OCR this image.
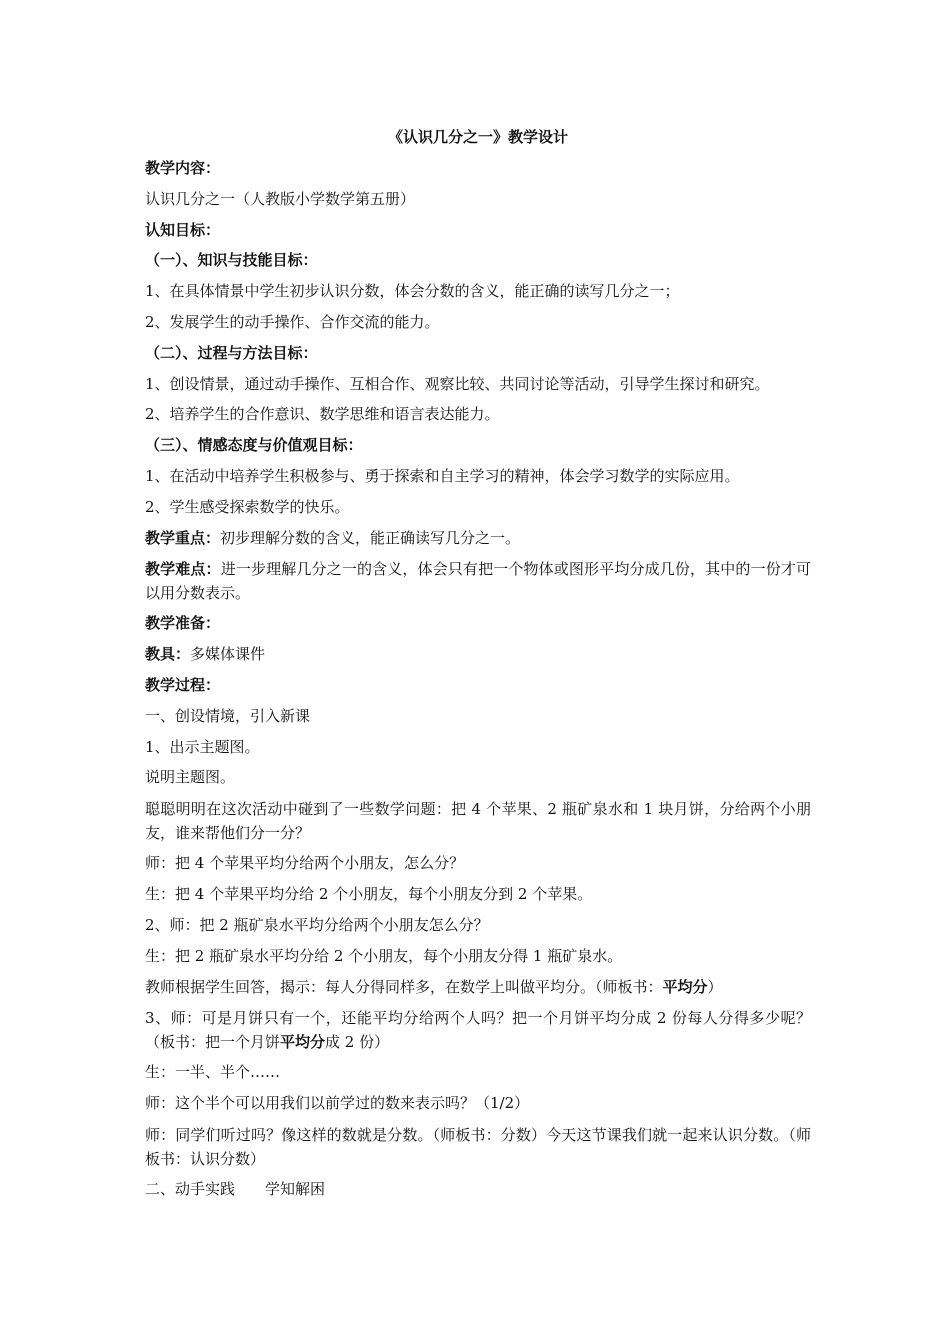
《认识几分之一》教学设计
教学内容：
认识几分之一（人教版小学数学第五册）
认知目标：
（一）、知识与技能目标：
1、在具体情景中学生初步认识分数，体会分数的含义，能正确的读写几分之一；
2、发展学生的动手操作、合作交流的能力。
（二）、过程与方法目标：
1、创设情景，通过动手操作、互相合作、观察比较、共同讨论等活动，引导学生探讨和研究。
2、培养学生的合作意识、数学思维和语言表达能力。
（三）、情感态度与价值观目标：
1、在活动中培养学生积极参与、勇于探索和自主学习的精神，体会学习数学的实际应用。
2、学生感受探索数学的快乐。
教学重点：初步理解分数的含义，能正确读写几分之一。
教学难点：进一步理解几分之一的含义，体会只有把一个物体或图形平均分成几份，其中的一份才可以用分数表示。
教学准备：
教具：多媒体课件
教学过程：
一、创设情境，引入新课
1、出示主题图。
说明主题图。
聪聪明明在这次活动中碰到了一些数学问题：把 4 个苹果、2 瓶矿泉水和 1 块月饼，分给两个小朋友，谁来帮他们分一分？
师：把 4 个苹果平均分给两个小朋友，怎么分？
生：把 4 个苹果平均分给 2 个小朋友，每个小朋友分到 2 个苹果。
2、师：把 2 瓶矿泉水平均分给两个小朋友怎么分？
生：把 2 瓶矿泉水平均分给 2 个小朋友，每个小朋友分得 1 瓶矿泉水。
教师根据学生回答，揭示：每人分得同样多，在数学上叫做平均分。（师板书：平均分）
3、师：可是月饼只有一个，还能平均分给两个人吗？把一个月饼平均分成 2 份每人分得多少呢？（板书：把一个月饼平均分成 2 份）
生：一半、半个……
师：这个半个可以用我们以前学过的数来表示吗？（1/2）
师：同学们听过吗？像这样的数就是分数。（师板书：分数）今天这节课我们就一起来认识分数。（师板书：认识分数）
二、动手实践　　学知解困
